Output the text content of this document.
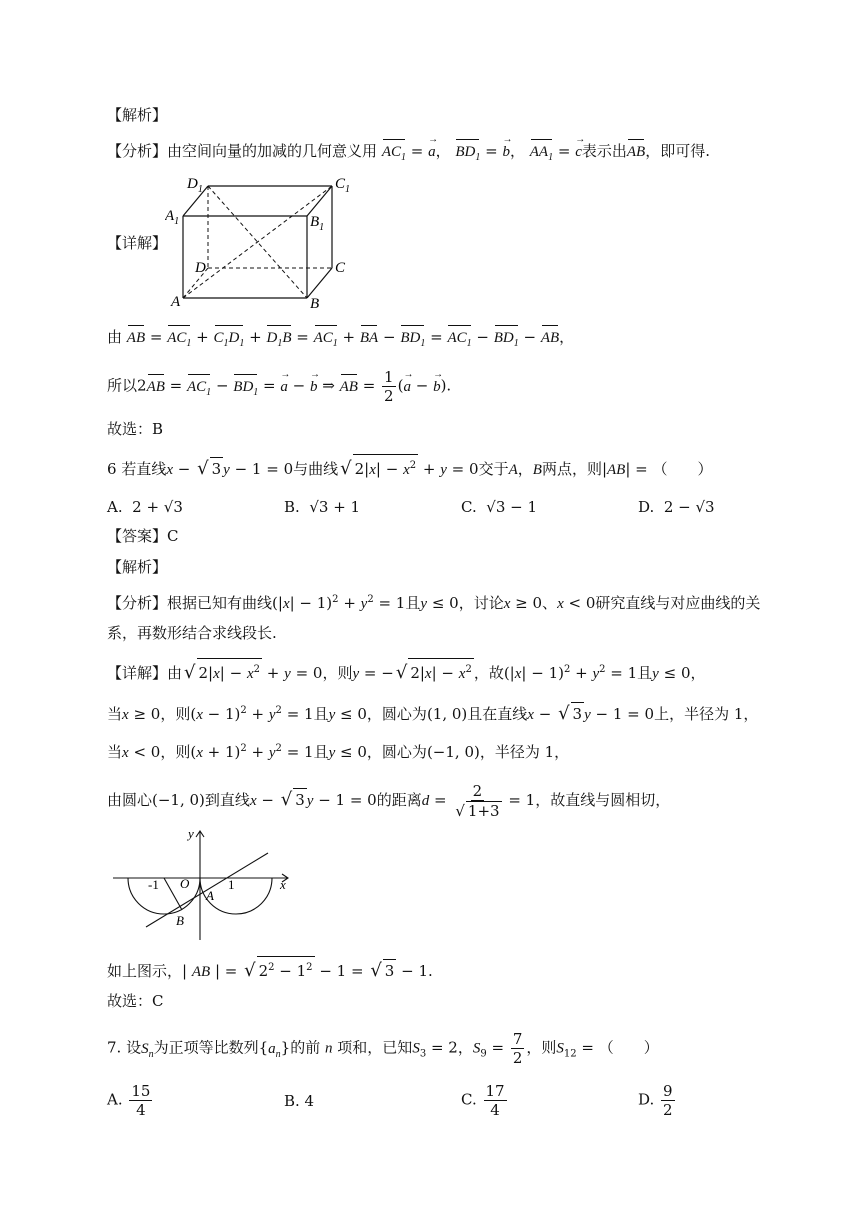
【解析】
【分析】由空间向量的加减的几何意义用 $AC_1$ = → a， $BD_1$ = → b， $AA_1$ = → c表示出AB，即可得.
【详解】
$D_1$	$C_1$
$A_1$	$B_1$
D	C
A	B
由 AB = $AC_1 + C_1D_1 + D_1B = AC_1$ + BA − $BD_1 = AC_1 - BD_1$ − AB，
所以$2AB = AC_1 - BD_1$ = → a − → b ⇒ AB = $\frac{1}{2}$ (→ a − → b).
故选：B
6 若直线x − √ 3 y − 1 = 0与曲线 √ $2|x| - x^2 + y = 0$交于A，B两点，则|AB| = （　　）
A. 2 + √3	B. √3 + 1	C. √3 − 1	D. 2 − √3
【答案】C
【解析】
【分析】根据已知有曲线$(|x| - 1)^2 + y^2 = 1$且y ≤ 0，讨论x ≥ 0、x < 0研究直线与对应曲线的关
系，再数形结合求线段长.
【详解】由 √ $2|x| - x^2 + y = 0$，则y = − √ $2|x| - x^2$ ，故$(|x| - 1)^2 + y^2 = 1$且y ≤ 0，
当x ≥ 0，则$(x - 1)^2 + y^2 = 1$且y ≤ 0，圆心为(1, 0)且在直线x − √ 3 y − 1 = 0上，半径为 1，
当x < 0，则$(x + 1)^2 + y^2 = 1$且y ≤ 0，圆心为(−1, 0)，半径为 1，
由圆心(−1, 0)到直线x − √ 3 y − 1 = 0的距离$d = \frac{2}{√ 1+3} = 1$，故直线与圆相切，
y
x
O
-1	1
A
B
如上图示，| AB | = √ $2^2 - 1^2 - 1$ = √ 3 − 1.
故选：C
7. 设$S_n$为正项等比数列$\{a_n\}$的前 n 项和，已知$S_3 = 2$，$S_9 = \frac{7}{2}$ ，则$S_{12}$ = （　　）
A. $\frac{15}{4}$	B. 4	C. $\frac{17}{4}$	D. $\frac{9}{2}$
